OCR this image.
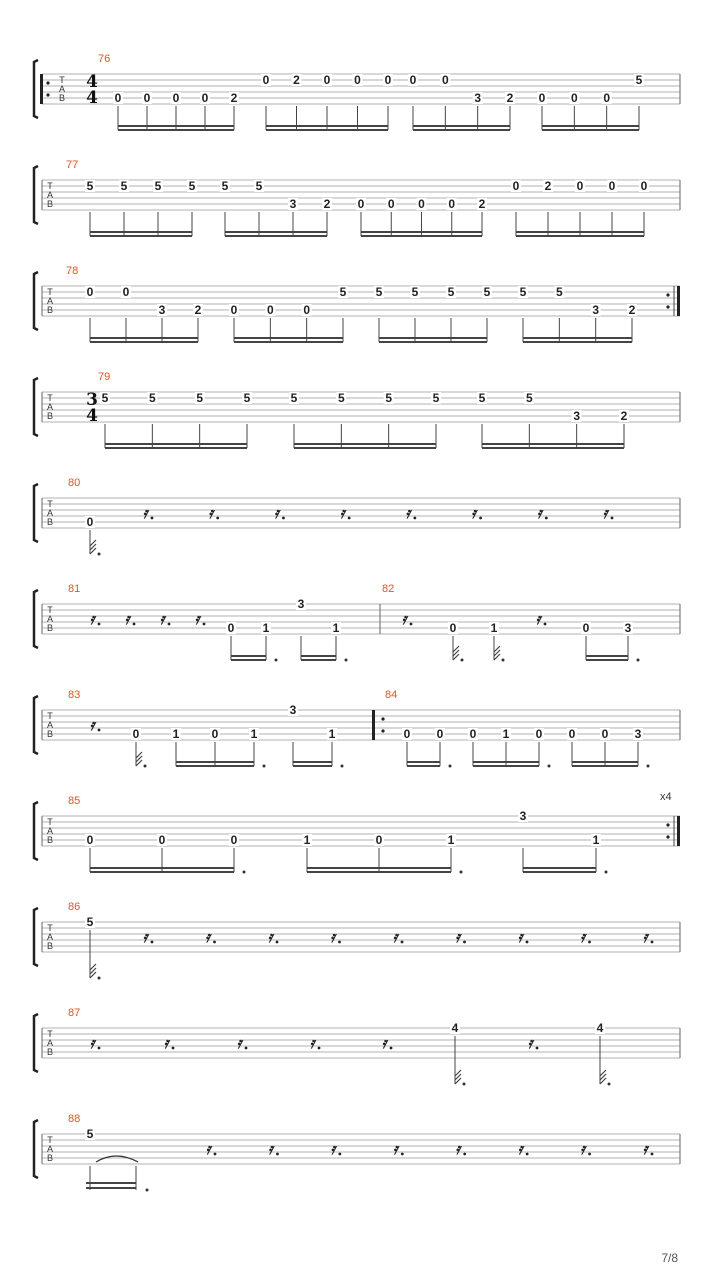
T
A
B
4
4
76
0 0 0 0 2
0 2 0 0 0 0 0
3 2 0 0 0
5
T
A
B
77
5 5 5 5 5 5
3 2 0 0 0 0 2
0 2 0 0 0
T
A
B
78
0 0
3 2 0 0 0
5 5 5 5 5 5 5
3 2
T
A
B
3
4
79
5	5	5	5	5	5	5	5	5	5
3	2
T
A
B
80
0	𝄿	𝄿	𝄿	𝄿	𝄿	𝄿	𝄿	𝄿
T
A
B
81
𝄿 𝄿 𝄿 𝄿 0 1
3
1
82
𝄿	0	1	𝄿	0	3
T
A
B
83
𝄿	0	1	0	1
3
1
84
0 0 0 1 0 0 0 3
T
A
B
85	x4
0	0	0	1	0	1
3
1
T
A
B
86
5
𝄿	𝄿	𝄿	𝄿	𝄿	𝄿	𝄿	𝄿	𝄿
T
A
B
87
𝄿	𝄿	𝄿	𝄿	𝄿
4
𝄿
4
T
A
B
88
5
𝄿	𝄿	𝄿	𝄿	𝄿	𝄿	𝄿	𝄿
7/8
